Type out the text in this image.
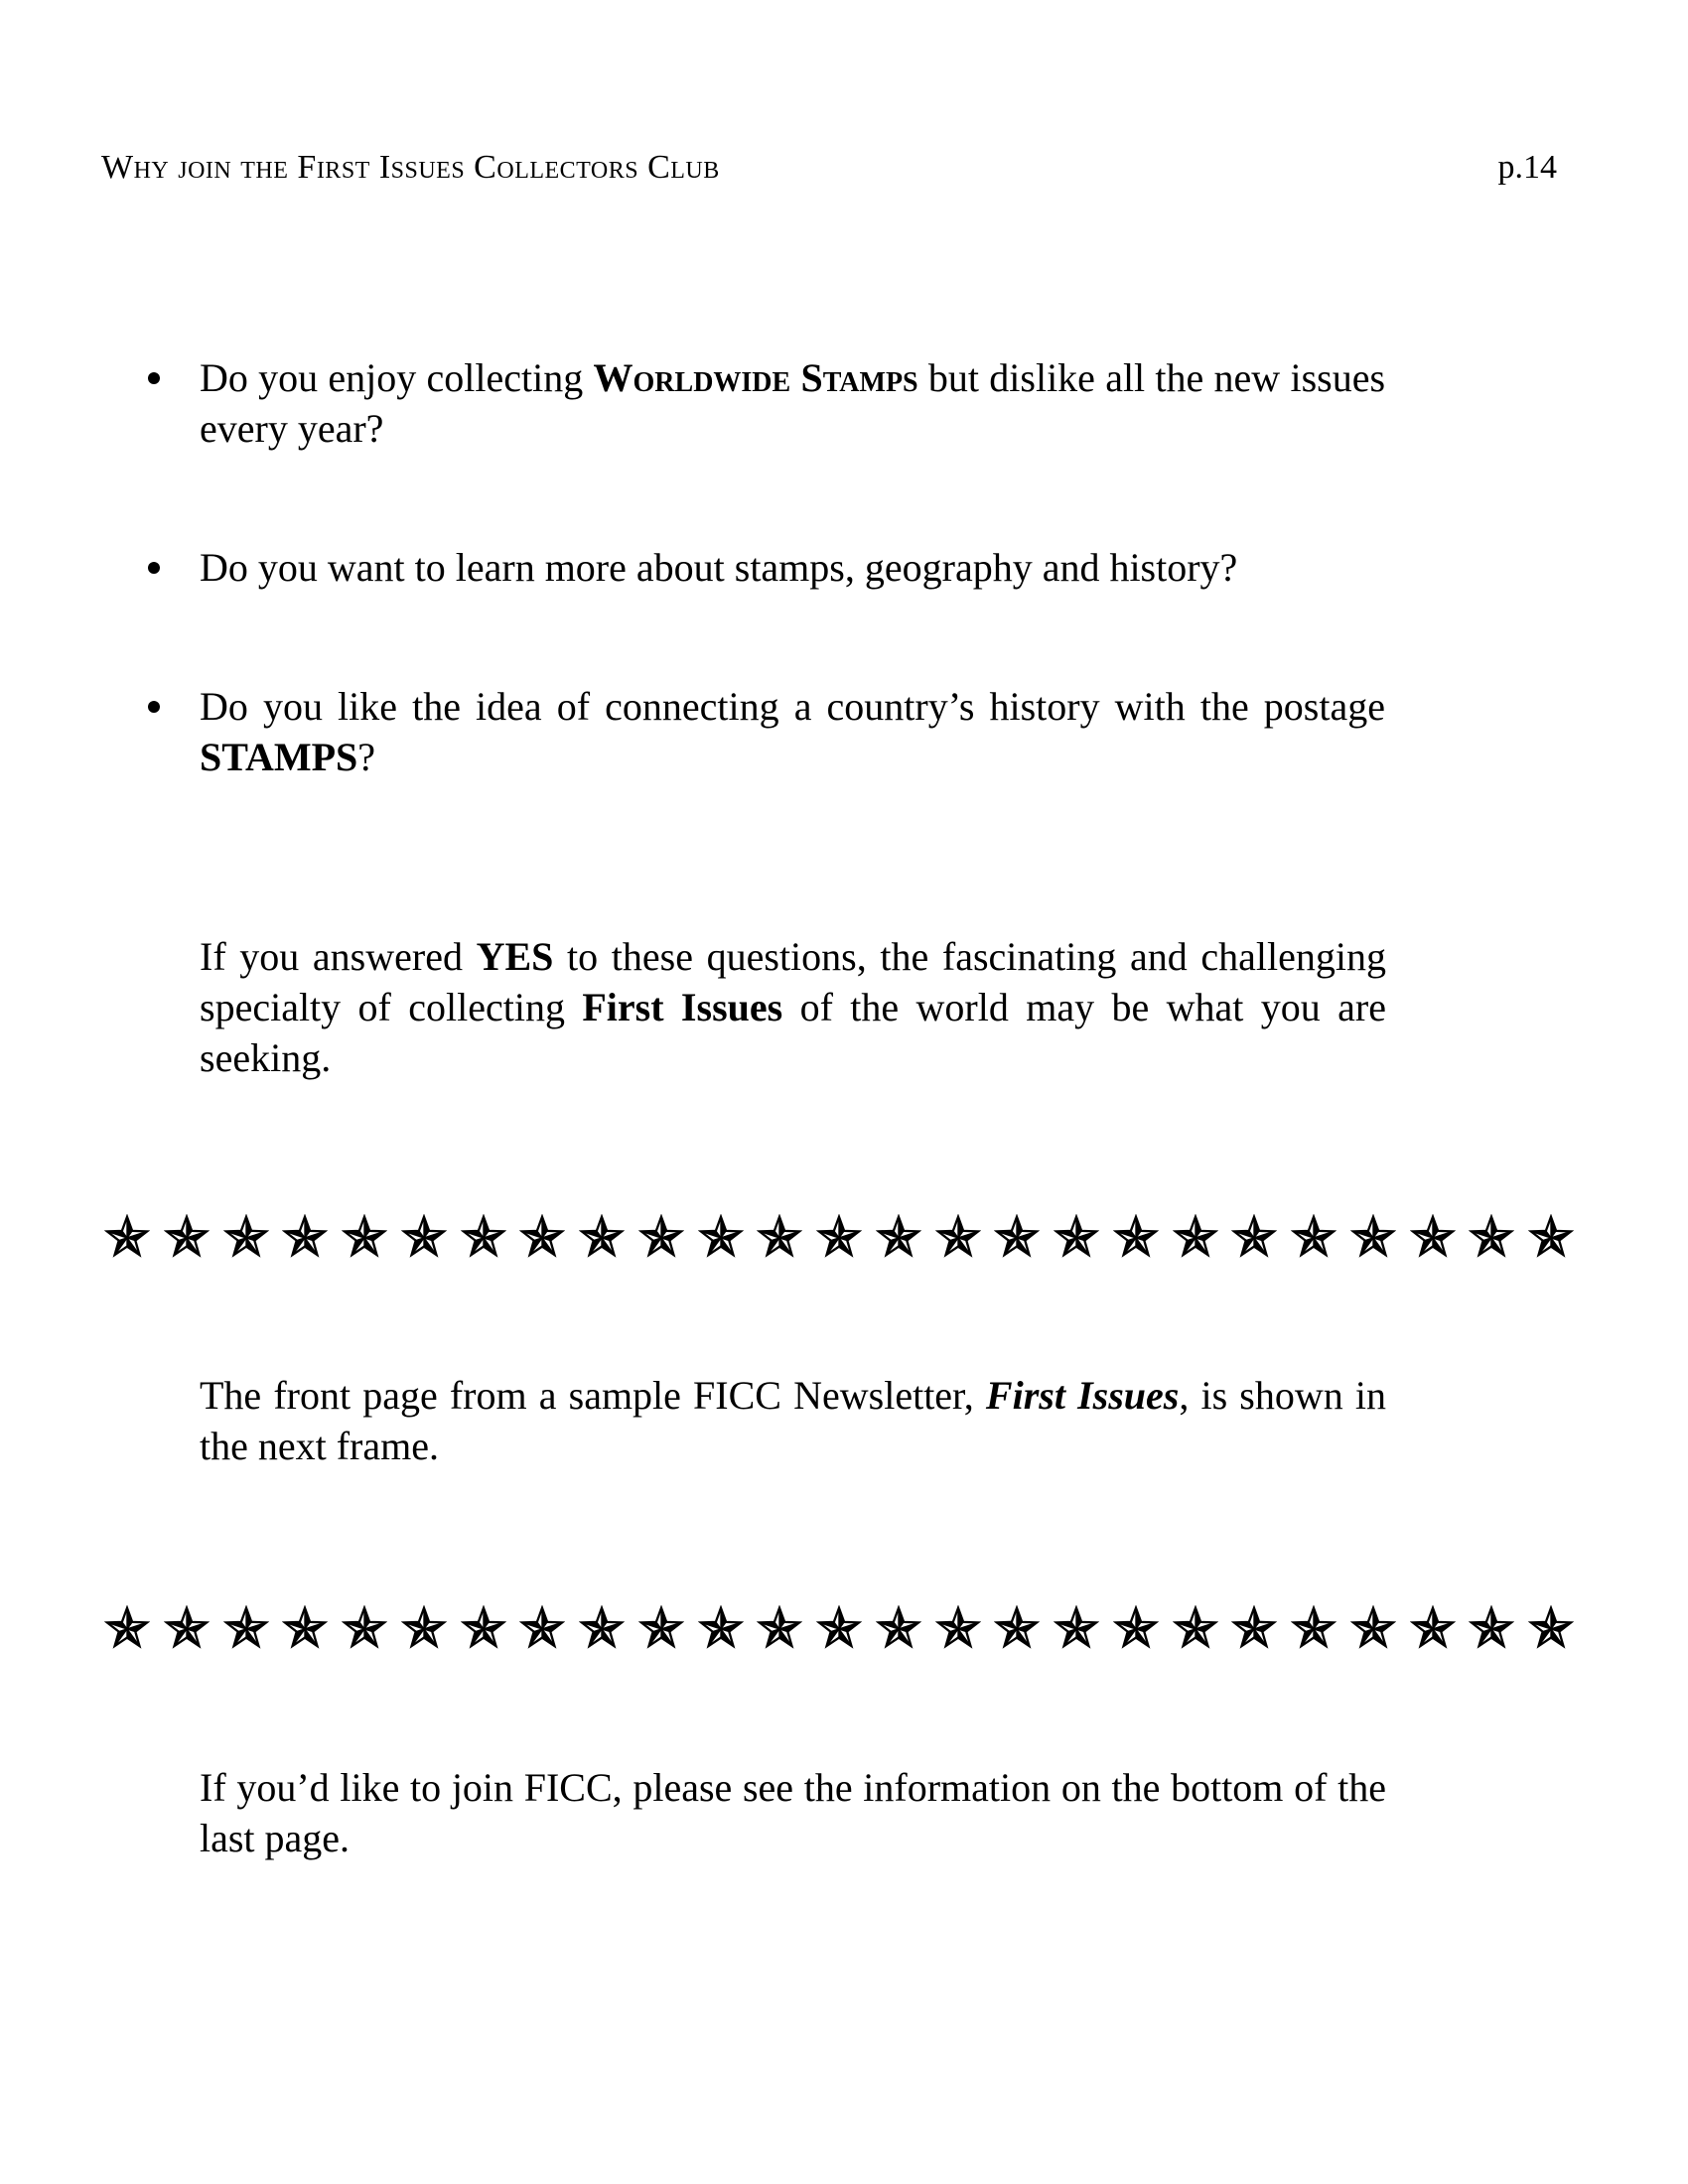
Why join the First Issues Collectors Club	p.14
Do you enjoy collecting Worldwide Stamps but dislike all the new issues every year?
Do you want to learn more about stamps, geography and history?
Do you like the idea of connecting a country’s history with the postage STAMPS?

If you answered YES to these questions, the fascinating and challenging specialty of collecting First Issues of the world may be what you are seeking.

The front page from a sample FICC Newsletter, First Issues, is shown in the next frame.

If you’d like to join FICC, please see the information on the bottom of the last page.
